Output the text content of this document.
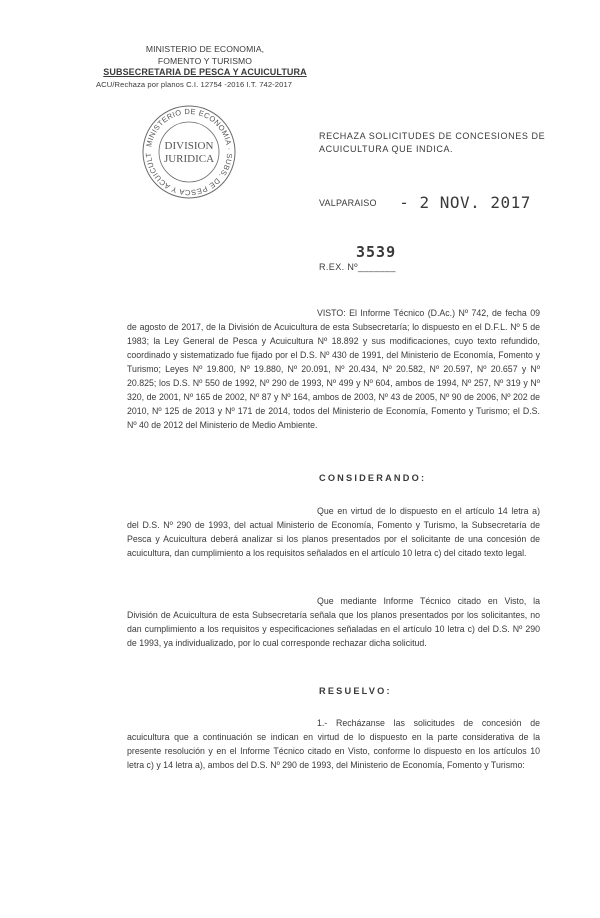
MINISTERIO DE ECONOMIA,
FOMENTO Y TURISMO
SUBSECRETARIA DE PESCA Y ACUICULTURA
ACU/Rechaza por planos C.I. 12754 -2016 I.T. 742-2017
MINISTERIO DE ECONOMIA · SUBS. DE PESCA Y ACUICULT
DIVISION
JURIDICA
RECHAZA SOLICITUDES DE CONCESIONES DE ACUICULTURA QUE INDICA.
VALPARAISO - 2 NOV. 2017
3539
R.EX. Nº_______

VISTO: El Informe Técnico (D.Ac.) Nº 742, de fecha 09 de agosto de 2017, de la División de Acuicultura de esta Subsecretaría; lo dispuesto en el D.F.L. Nº 5 de 1983; la Ley General de Pesca y Acuicultura Nº 18.892 y sus modificaciones, cuyo texto refundido, coordinado y sistematizado fue fijado por el D.S. Nº 430 de 1991, del Ministerio de Economía, Fomento y Turismo; Leyes Nº 19.800, Nº 19.880, Nº 20.091, Nº 20.434, Nº 20.582, Nº 20.597, Nº 20.657 y Nº 20.825; los D.S. Nº 550 de 1992, Nº 290 de 1993, Nº 499 y Nº 604, ambos de 1994, Nº 257, Nº 319 y Nº 320, de 2001, Nº 165 de 2002, Nº 87 y Nº 164, ambos de 2003, Nº 43 de 2005, Nº 90 de 2006, Nº 202 de 2010, Nº 125 de 2013 y Nº 171 de 2014, todos del Ministerio de Economía, Fomento y Turismo; el D.S. Nº 40 de 2012 del Ministerio de Medio Ambiente.

CONSIDERANDO:

Que en virtud de lo dispuesto en el artículo 14 letra a) del D.S. Nº 290 de 1993, del actual Ministerio de Economía, Fomento y Turismo, la Subsecretaría de Pesca y Acuicultura deberá analizar si los planos presentados por el solicitante de una concesión de acuicultura, dan cumplimiento a los requisitos señalados en el artículo 10 letra c) del citado texto legal.

Que mediante Informe Técnico citado en Visto, la División de Acuicultura de esta Subsecretaría señala que los planos presentados por los solicitantes, no dan cumplimiento a los requisitos y especificaciones señaladas en el artículo 10 letra c) del D.S. Nº 290 de 1993, ya individualizado, por lo cual corresponde rechazar dicha solicitud.

RESUELVO:

1.- Recházanse las solicitudes de concesión de acuicultura que a continuación se indican en virtud de lo dispuesto en la parte considerativa de la presente resolución y en el Informe Técnico citado en Visto, conforme lo dispuesto en los artículos 10 letra c) y 14 letra a), ambos del D.S. Nº 290 de 1993, del Ministerio de Economía, Fomento y Turismo:
